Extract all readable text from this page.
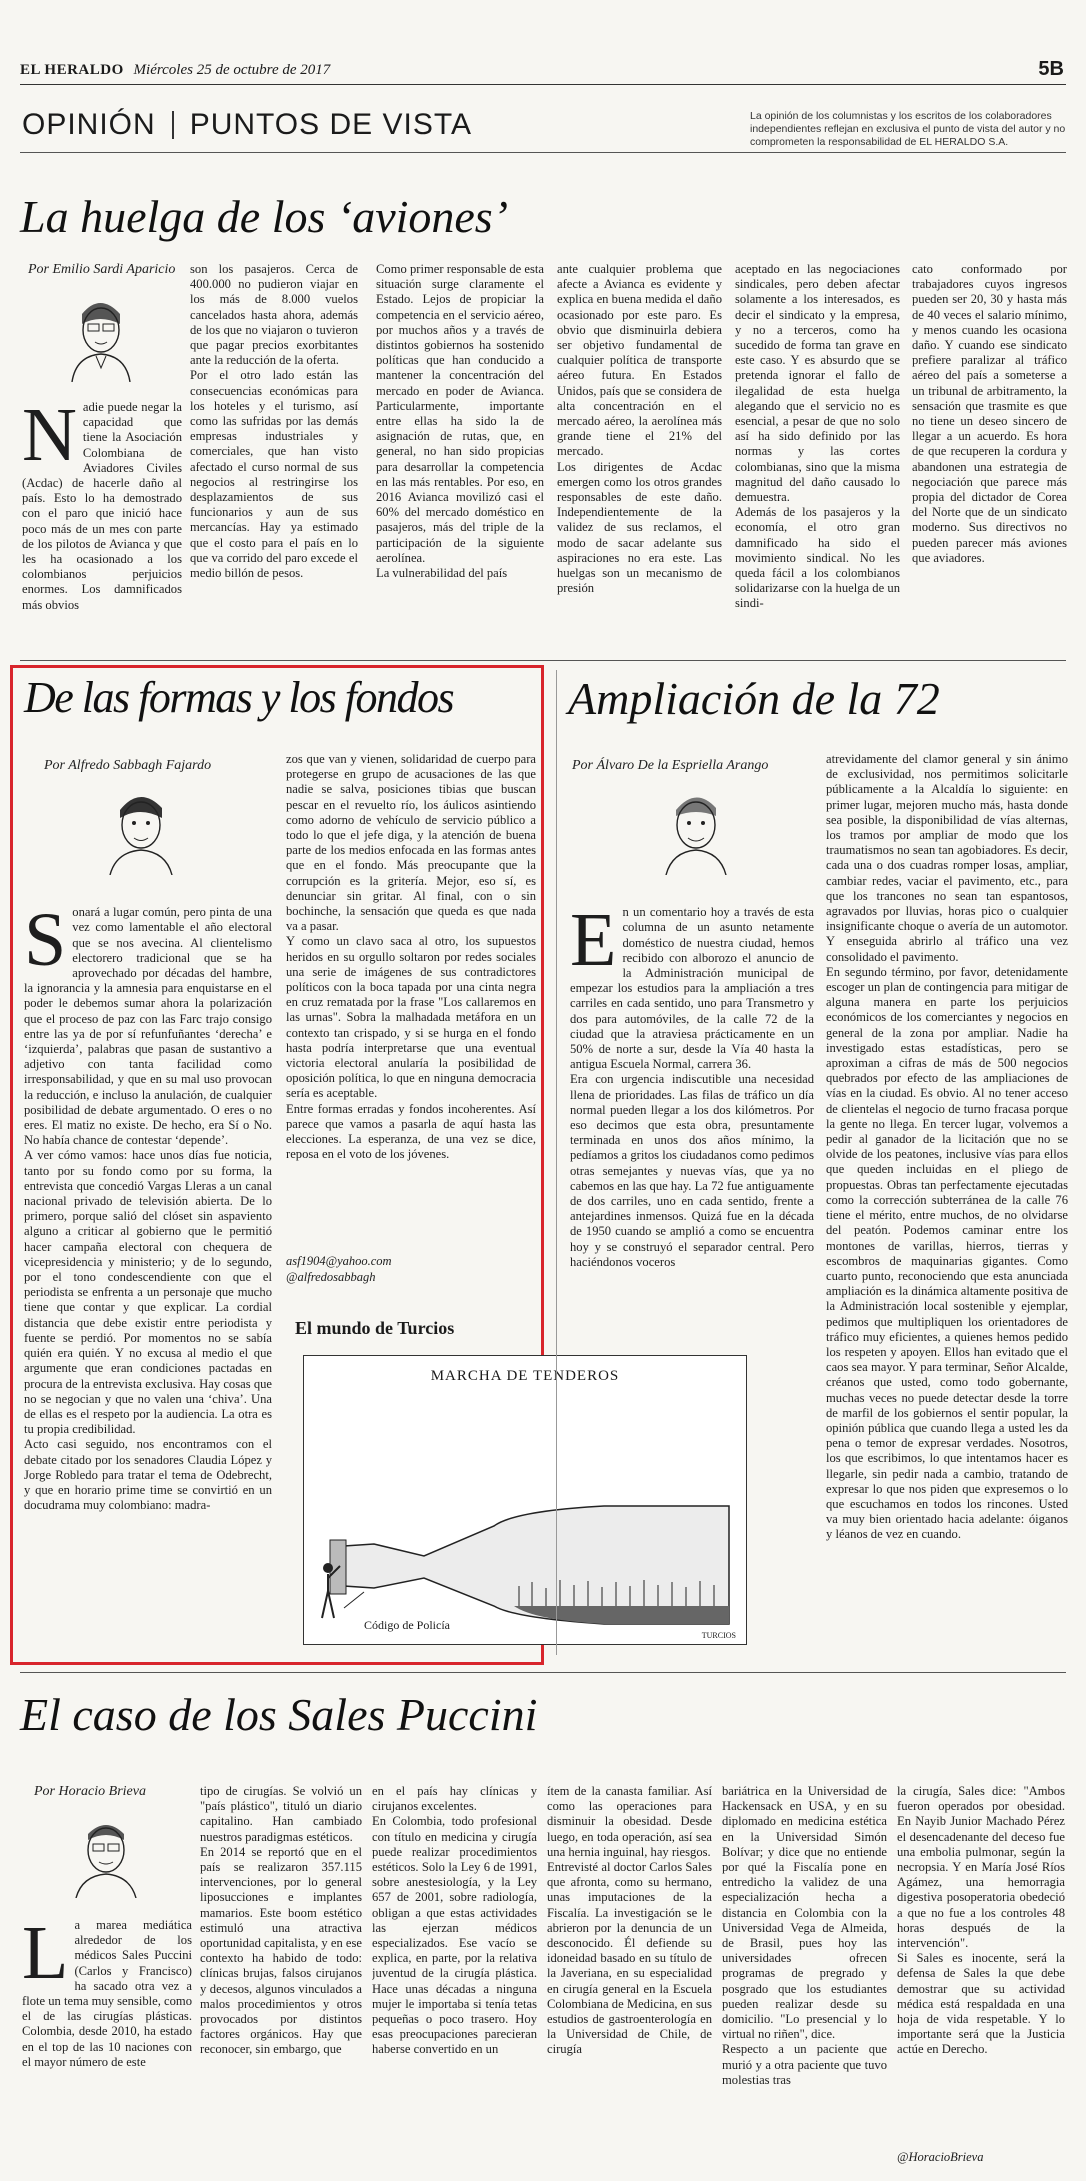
EL HERALDO Miércoles 25 de octubre de 2017	5B
OPINIÓN PUNTOS DE VISTA	La opinión de los columnistas y los escritos de los colaboradores independientes reflejan en exclusiva el punto de vista del autor y no comprometen la responsabilidad de EL HERALDO S.A.
La huelga de los ‘aviones’
Por Emilio Sardi Aparicio
Nadie puede negar la capacidad que tiene la Asociación Colombiana de Aviadores Civiles (Acdac) de hacerle daño al país. Esto lo ha demostrado con el paro que inició hace poco más de un mes con parte de los pilotos de Avianca y que les ha ocasionado a los colombianos perjuicios enormes. Los damnificados más obvios
son los pasajeros. Cerca de 400.000 no pudieron viajar en los más de 8.000 vuelos cancelados hasta ahora, además de los que no viajaron o tuvieron que pagar precios exorbitantes ante la reducción de la oferta.
Por el otro lado están las consecuencias económicas para los hoteles y el turismo, así como las sufridas por las demás empresas industriales y comerciales, que han visto afectado el curso normal de sus negocios al restringirse los desplazamientos de sus funcionarios y aun de sus mercancías. Hay ya estimado que el costo para el país en lo que va corrido del paro excede el medio billón de pesos.
Como primer responsable de esta situación surge claramente el Estado. Lejos de propiciar la competencia en el servicio aéreo, por muchos años y a través de distintos gobiernos ha sostenido políticas que han conducido a mantener la concentración del mercado en poder de Avianca. Particularmente, importante entre ellas ha sido la de asignación de rutas, que, en general, no han sido propicias para desarrollar la competencia en las más rentables. Por eso, en 2016 Avianca movilizó casi el 60% del mercado doméstico en pasajeros, más del triple de la participación de la siguiente aerolínea.
La vulnerabilidad del país
ante cualquier problema que afecte a Avianca es evidente y explica en buena medida el daño ocasionado por este paro. Es obvio que disminuirla debiera ser objetivo fundamental de cualquier política de transporte aéreo futura. En Estados Unidos, país que se considera de alta concentración en el mercado aéreo, la aerolínea más grande tiene el 21% del mercado.
Los dirigentes de Acdac emergen como los otros grandes responsables de este daño. Independientemente de la validez de sus reclamos, el modo de sacar adelante sus aspiraciones no era este. Las huelgas son un mecanismo de presión
aceptado en las negociaciones sindicales, pero deben afectar solamente a los interesados, es decir el sindicato y la empresa, y no a terceros, como ha sucedido de forma tan grave en este caso. Y es absurdo que se pretenda ignorar el fallo de ilegalidad de esta huelga alegando que el servicio no es esencial, a pesar de que no solo así ha sido definido por las normas y las cortes colombianas, sino que la misma magnitud del daño causado lo demuestra.
Además de los pasajeros y la economía, el otro gran damnificado ha sido el movimiento sindical. No les queda fácil a los colombianos solidarizarse con la huelga de un sindi-
cato conformado por trabajadores cuyos ingresos pueden ser 20, 30 y hasta más de 40 veces el salario mínimo, y menos cuando les ocasiona daño. Y cuando ese sindicato prefiere paralizar al tráfico aéreo del país a someterse a un tribunal de arbitramento, la sensación que trasmite es que no tiene un deseo sincero de llegar a un acuerdo. Es hora de que recuperen la cordura y abandonen una estrategia de negociación que parece más propia del dictador de Corea del Norte que de un sindicato moderno. Sus directivos no pueden parecer más aviones que aviadores.
De las formas y los fondos
Por Alfredo Sabbagh Fajardo

Sonará a lugar común, pero pinta de una vez como lamentable el año electoral que se nos avecina. Al clientelismo electorero tradicional que se ha aprovechado por décadas del hambre, la ignorancia y la amnesia para enquistarse en el poder le debemos sumar ahora la polarización que el proceso de paz con las Farc trajo consigo entre las ya de por sí refunfuñantes ‘derecha’ e ‘izquierda’, palabras que pasan de sustantivo a adjetivo con tanta facilidad como irresponsabilidad, y que en su mal uso provocan la reducción, e incluso la anulación, de cualquier posibilidad de debate argumentado. O eres o no eres. El matiz no existe. De hecho, era Sí o No. No había chance de contestar ‘depende’.
A ver cómo vamos: hace unos días fue noticia, tanto por su fondo como por su forma, la entrevista que concedió Vargas Lleras a un canal nacional privado de televisión abierta. De lo primero, porque salió del clóset sin aspaviento alguno a criticar al gobierno que le permitió hacer campaña electoral con chequera de vicepresidencia y ministerio; y de lo segundo, por el tono condescendiente con que el periodista se enfrenta a un personaje que mucho tiene que contar y que explicar. La cordial distancia que debe existir entre periodista y fuente se perdió. Por momentos no se sabía quién era quién. Y no excusa al medio el que argumente que eran condiciones pactadas en procura de la entrevista exclusiva. Hay cosas que no se negocian y que no valen una ‘chiva’. Una de ellas es el respeto por la audiencia. La otra es tu propia credibilidad.
Acto casi seguido, nos encontramos con el debate citado por los senadores Claudia López y Jorge Robledo para tratar el tema de Odebrecht, y que en horario prime time se convirtió en un docudrama muy colombiano: madra-

zos que van y vienen, solidaridad de cuerpo para protegerse en grupo de acusaciones de las que nadie se salva, posiciones tibias que buscan pescar en el revuelto río, los áulicos asintiendo como adorno de vehículo de servicio público a todo lo que el jefe diga, y la atención de buena parte de los medios enfocada en las formas antes que en el fondo. Más preocupante que la corrupción es la gritería. Mejor, eso sí, es denunciar sin gritar. Al final, con o sin bochinche, la sensación que queda es que nada va a pasar.
Y como un clavo saca al otro, los supuestos heridos en su orgullo soltaron por redes sociales una serie de imágenes de sus contradictores políticos con la boca tapada por una cinta negra en cruz rematada por la frase "Los callaremos en las urnas". Sobra la malhadada metáfora en un contexto tan crispado, y si se hurga en el fondo hasta podría interpretarse que una eventual victoria electoral anularía la posibilidad de oposición política, lo que en ninguna democracia sería es aceptable.
Entre formas erradas y fondos incoherentes. Así parece que vamos a pasarla de aquí hasta las elecciones. La esperanza, de una vez se dice, reposa en el voto de los jóvenes.
asf1904@yahoo.com
@alfredosabbagh
El mundo de Turcios
MARCHA DE TENDEROS
Código de Policía
TURCIOS
Ampliación de la 72
Por Álvaro De la Espriella Arango

En un comentario hoy a través de esta columna de un asunto netamente doméstico de nuestra ciudad, hemos recibido con alborozo el anuncio de la Administración municipal de empezar los estudios para la ampliación a tres carriles en cada sentido, uno para Transmetro y dos para automóviles, de la calle 72 de la ciudad que la atraviesa prácticamente en un 50% de norte a sur, desde la Vía 40 hasta la antigua Escuela Normal, carrera 36.
Era con urgencia indiscutible una necesidad llena de prioridades. Las filas de tráfico un día normal pueden llegar a los dos kilómetros. Por eso decimos que esta obra, presuntamente terminada en unos dos años mínimo, la pedíamos a gritos los ciudadanos como pedimos otras semejantes y nuevas vías, que ya no cabemos en las que hay. La 72 fue antiguamente de dos carriles, uno en cada sentido, frente a antejardines inmensos. Quizá fue en la década de 1950 cuando se amplió a como se encuentra hoy y se construyó el separador central. Pero haciéndonos voceros

atrevidamente del clamor general y sin ánimo de exclusividad, nos permitimos solicitarle públicamente a la Alcaldía lo siguiente: en primer lugar, mejoren mucho más, hasta donde sea posible, la disponibilidad de vías alternas, los tramos por ampliar de modo que los traumatismos no sean tan agobiadores. Es decir, cada una o dos cuadras romper losas, ampliar, cambiar redes, vaciar el pavimento, etc., para que los trancones no sean tan espantosos, agravados por lluvias, horas pico o cualquier insignificante choque o avería de un automotor. Y enseguida abrirlo al tráfico una vez consolidado el pavimento.
En segundo término, por favor, detenidamente escoger un plan de contingencia para mitigar de alguna manera en parte los perjuicios económicos de los comerciantes y negocios en general de la zona por ampliar. Nadie ha investigado estas estadísticas, pero se aproximan a cifras de más de 500 negocios quebrados por efecto de las ampliaciones de vías en la ciudad. Es obvio. Al no tener acceso de clientelas el negocio de turno fracasa porque la gente no llega. En tercer lugar, volvemos a pedir al ganador de la licitación que no se olvide de los peatones, inclusive vías para ellos que queden incluidas en el pliego de propuestas. Obras tan perfectamente ejecutadas como la corrección subterránea de la calle 76 tiene el mérito, entre muchos, de no olvidarse del peatón. Podemos caminar entre los montones de varillas, hierros, tierras y escombros de maquinarias gigantes. Como cuarto punto, reconociendo que esta anunciada ampliación es la dinámica altamente positiva de la Administración local sostenible y ejemplar, pedimos que multipliquen los orientadores de tráfico muy eficientes, a quienes hemos pedido los respeten y apoyen. Ellos han evitado que el caos sea mayor. Y para terminar, Señor Alcalde, créanos que usted, como todo gobernante, muchas veces no puede detectar desde la torre de marfil de los gobiernos el sentir popular, la opinión pública que cuando llega a usted les da pena o temor de expresar verdades. Nosotros, los que escribimos, lo que intentamos hacer es llegarle, sin pedir nada a cambio, tratando de expresar lo que nos piden que expresemos o lo que escuchamos en todos los rincones. Usted va muy bien orientado hacia adelante: óiganos y léanos de vez en cuando.
El caso de los Sales Puccini
Por Horacio Brieva
La marea mediática alrededor de los médicos Sales Puccini (Carlos y Francisco) ha sacado otra vez a flote un tema muy sensible, como el de las cirugías plásticas. Colombia, desde 2010, ha estado en el top de las 10 naciones con el mayor número de este
tipo de cirugías. Se volvió un "país plástico", tituló un diario capitalino. Han cambiado nuestros paradigmas estéticos.
En 2014 se reportó que en el país se realizaron 357.115 intervenciones, por lo general liposucciones e implantes mamarios. Este boom estético estimuló una atractiva oportunidad capitalista, y en ese contexto ha habido de todo: clínicas brujas, falsos cirujanos y decesos, algunos vinculados a malos procedimientos y otros provocados por distintos factores orgánicos. Hay que reconocer, sin embargo, que
en el país hay clínicas y cirujanos excelentes.
En Colombia, todo profesional con título en medicina y cirugía puede realizar procedimientos estéticos. Solo la Ley 6 de 1991, sobre anestesiología, y la Ley 657 de 2001, sobre radiología, obligan a que estas actividades las ejerzan médicos especializados. Ese vacío se explica, en parte, por la relativa juventud de la cirugía plástica. Hace unas décadas a ninguna mujer le importaba si tenía tetas pequeñas o poco trasero. Hoy esas preocupaciones parecieran haberse convertido en un
ítem de la canasta familiar. Así como las operaciones para disminuir la obesidad. Desde luego, en toda operación, así sea una hernia inguinal, hay riesgos.
Entrevisté al doctor Carlos Sales que afronta, como su hermano, unas imputaciones de la Fiscalía. La investigación se le abrieron por la denuncia de un desconocido. Él defiende su idoneidad basado en su título de la Javeriana, en su especialidad en cirugía general en la Escuela Colombiana de Medicina, en sus estudios de gastroenterología en la Universidad de Chile, de cirugía
bariátrica en la Universidad de Hackensack en USA, y en su diplomado en medicina estética en la Universidad Simón Bolívar; y dice que no entiende por qué la Fiscalía pone en entredicho la validez de una especialización hecha a distancia en Colombia con la Universidad Vega de Almeida, de Brasil, pues hoy las universidades ofrecen programas de pregrado y posgrado que los estudiantes pueden realizar desde su domicilio. "Lo presencial y lo virtual no riñen", dice.
Respecto a un paciente que murió y a otra paciente que tuvo molestias tras
la cirugía, Sales dice: "Ambos fueron operados por obesidad. En Nayib Junior Machado Pérez el desencadenante del deceso fue una embolia pulmonar, según la necropsia. Y en María José Ríos Agámez, una hemorragia digestiva posoperatoria obedeció a que no fue a los controles 48 horas después de la intervención".
Si Sales es inocente, será la defensa de Sales la que debe demostrar que su actividad médica está respaldada en una hoja de vida respetable. Y lo importante será que la Justicia actúe en Derecho.
@HoracioBrieva
